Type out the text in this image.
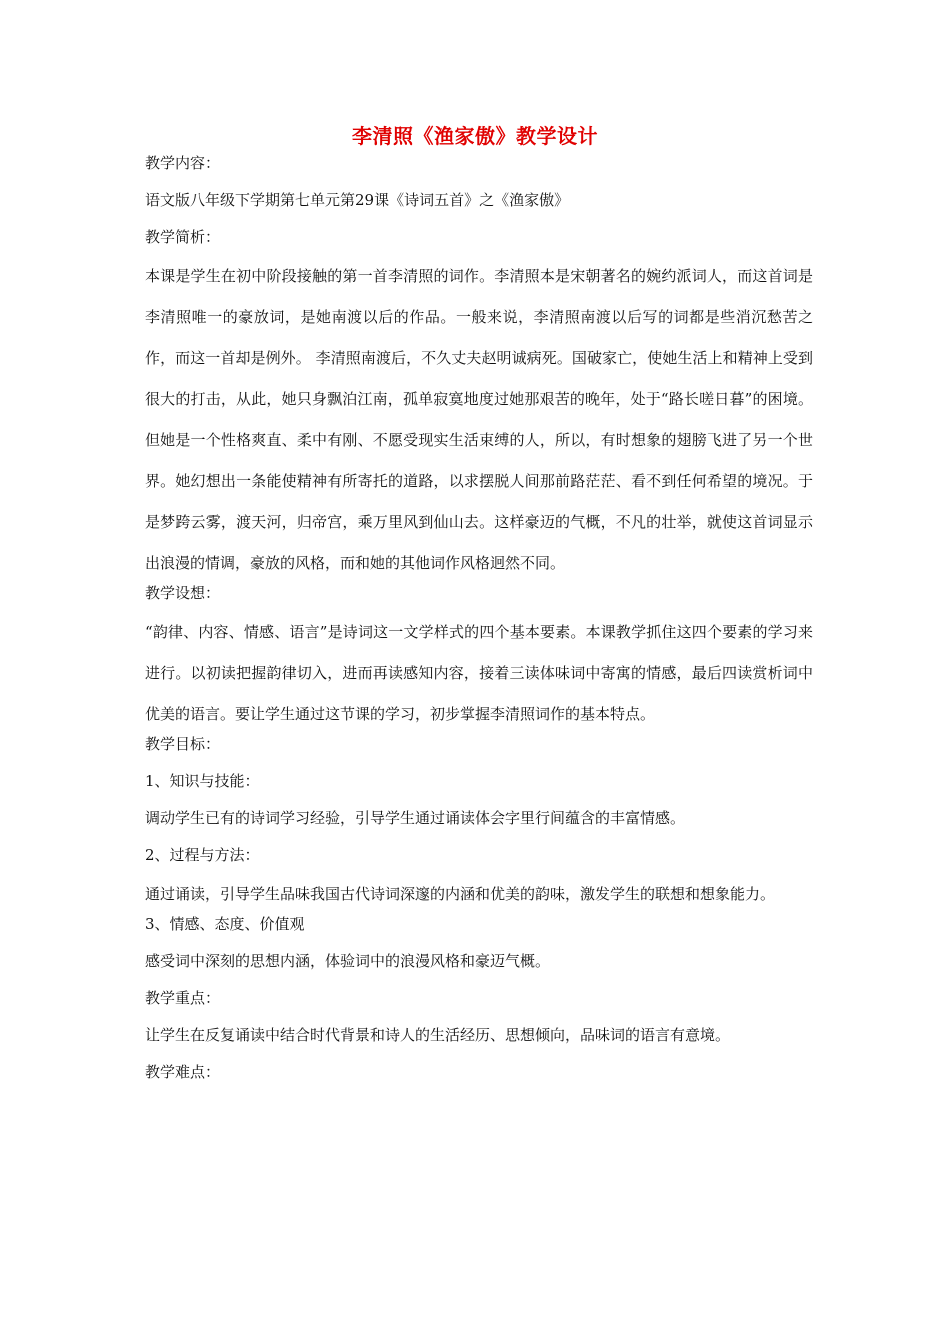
李清照《渔家傲》教学设计
教学内容：
语文版八年级下学期第七单元第29课《诗词五首》之《渔家傲》
教学简析：
本课是学生在初中阶段接触的第一首李清照的词作。李清照本是宋朝著名的婉约派词人，而这首词是李清照唯一的豪放词，是她南渡以后的作品。一般来说，李清照南渡以后写的词都是些消沉愁苦之作，而这一首却是例外。 李清照南渡后，不久丈夫赵明诚病死。国破家亡，使她生活上和精神上受到很大的打击，从此，她只身飘泊江南，孤单寂寞地度过她那艰苦的晚年，处于“路长嗟日暮”的困境。但她是一个性格爽直、柔中有刚、不愿受现实生活束缚的人，所以，有时想象的翅膀飞进了另一个世界。她幻想出一条能使精神有所寄托的道路，以求摆脱人间那前路茫茫、看不到任何希望的境况。于是梦跨云雾，渡天河，归帝宫，乘万里风到仙山去。这样豪迈的气概，不凡的壮举，就使这首词显示出浪漫的情调，豪放的风格，而和她的其他词作风格迥然不同。
教学设想：
“韵律、内容、情感、语言”是诗词这一文学样式的四个基本要素。本课教学抓住这四个要素的学习来进行。以初读把握韵律切入，进而再读感知内容，接着三读体味词中寄寓的情感，最后四读赏析词中优美的语言。要让学生通过这节课的学习，初步掌握李清照词作的基本特点。
教学目标：
1、知识与技能：
调动学生已有的诗词学习经验，引导学生通过诵读体会字里行间蕴含的丰富情感。
2、过程与方法：
通过诵读，引导学生品味我国古代诗词深邃的内涵和优美的韵味，激发学生的联想和想象能力。
3、情感、态度、价值观
感受词中深刻的思想内涵，体验词中的浪漫风格和豪迈气概。
教学重点：
让学生在反复诵读中结合时代背景和诗人的生活经历、思想倾向，品味词的语言有意境。
教学难点：
